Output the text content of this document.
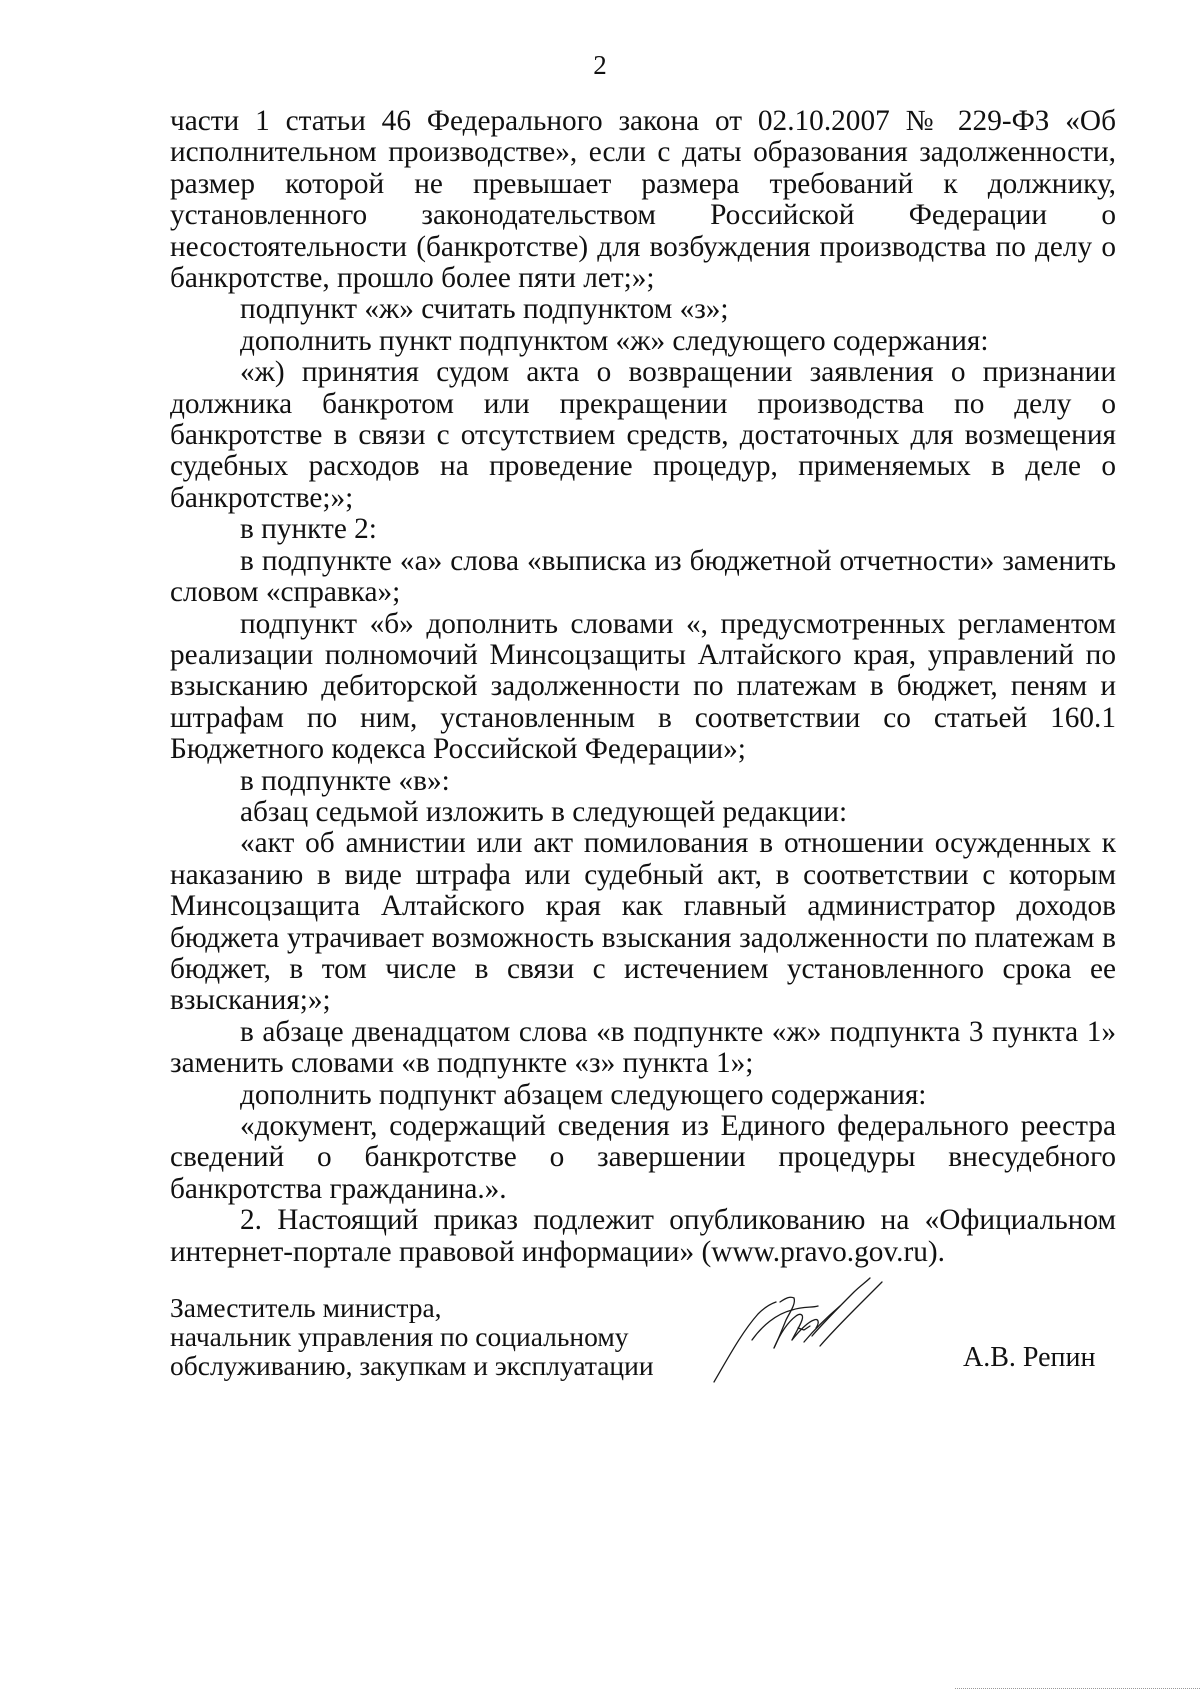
2

части 1 статьи 46 Федерального закона от 02.10.2007 № 229-ФЗ «Об исполнительном производстве», если с даты образования задолженности, размер которой не превышает размера требований к должнику, установленного законодательством Российской Федерации о несостоятельности (банкротстве) для возбуждения производства по делу о банкротстве, прошло более пяти лет;»;

подпункт «ж» считать подпунктом «з»;

дополнить пункт подпунктом «ж» следующего содержания:

«ж) принятия судом акта о возвращении заявления о признании должника банкротом или прекращении производства по делу о банкротстве в связи с отсутствием средств, достаточных для возмещения судебных расходов на проведение процедур, применяемых в деле о банкротстве;»;

в пункте 2:

в подпункте «а» слова «выписка из бюджетной отчетности» заменить словом «справка»;

подпункт «б» дополнить словами «, предусмотренных регламентом реализации полномочий Минсоцзащиты Алтайского края, управлений по взысканию дебиторской задолженности по платежам в бюджет, пеням и штрафам по ним, установленным в соответствии со статьей 160.1 Бюджетного кодекса Российской Федерации»;

в подпункте «в»:

абзац седьмой изложить в следующей редакции:

«акт об амнистии или акт помилования в отношении осужденных к наказанию в виде штрафа или судебный акт, в соответствии с которым Минсоцзащита Алтайского края как главный администратор доходов бюджета утрачивает возможность взыскания задолженности по платежам в бюджет, в том числе в связи с истечением установленного срока ее взыскания;»;

в абзаце двенадцатом слова «в подпункте «ж» подпункта 3 пункта 1» заменить словами «в подпункте «з» пункта 1»;

дополнить подпункт абзацем следующего содержания:

«документ, содержащий сведения из Единого федерального реестра сведений о банкротстве о завершении процедуры внесудебного банкротства гражданина.».

2. Настоящий приказ подлежит опубликованию на «Официальном интернет-портале правовой информации» (www.pravo.gov.ru).

Заместитель министра,
начальник управления по социальному
обслуживанию, закупкам и эксплуатации	А.В. Репин
